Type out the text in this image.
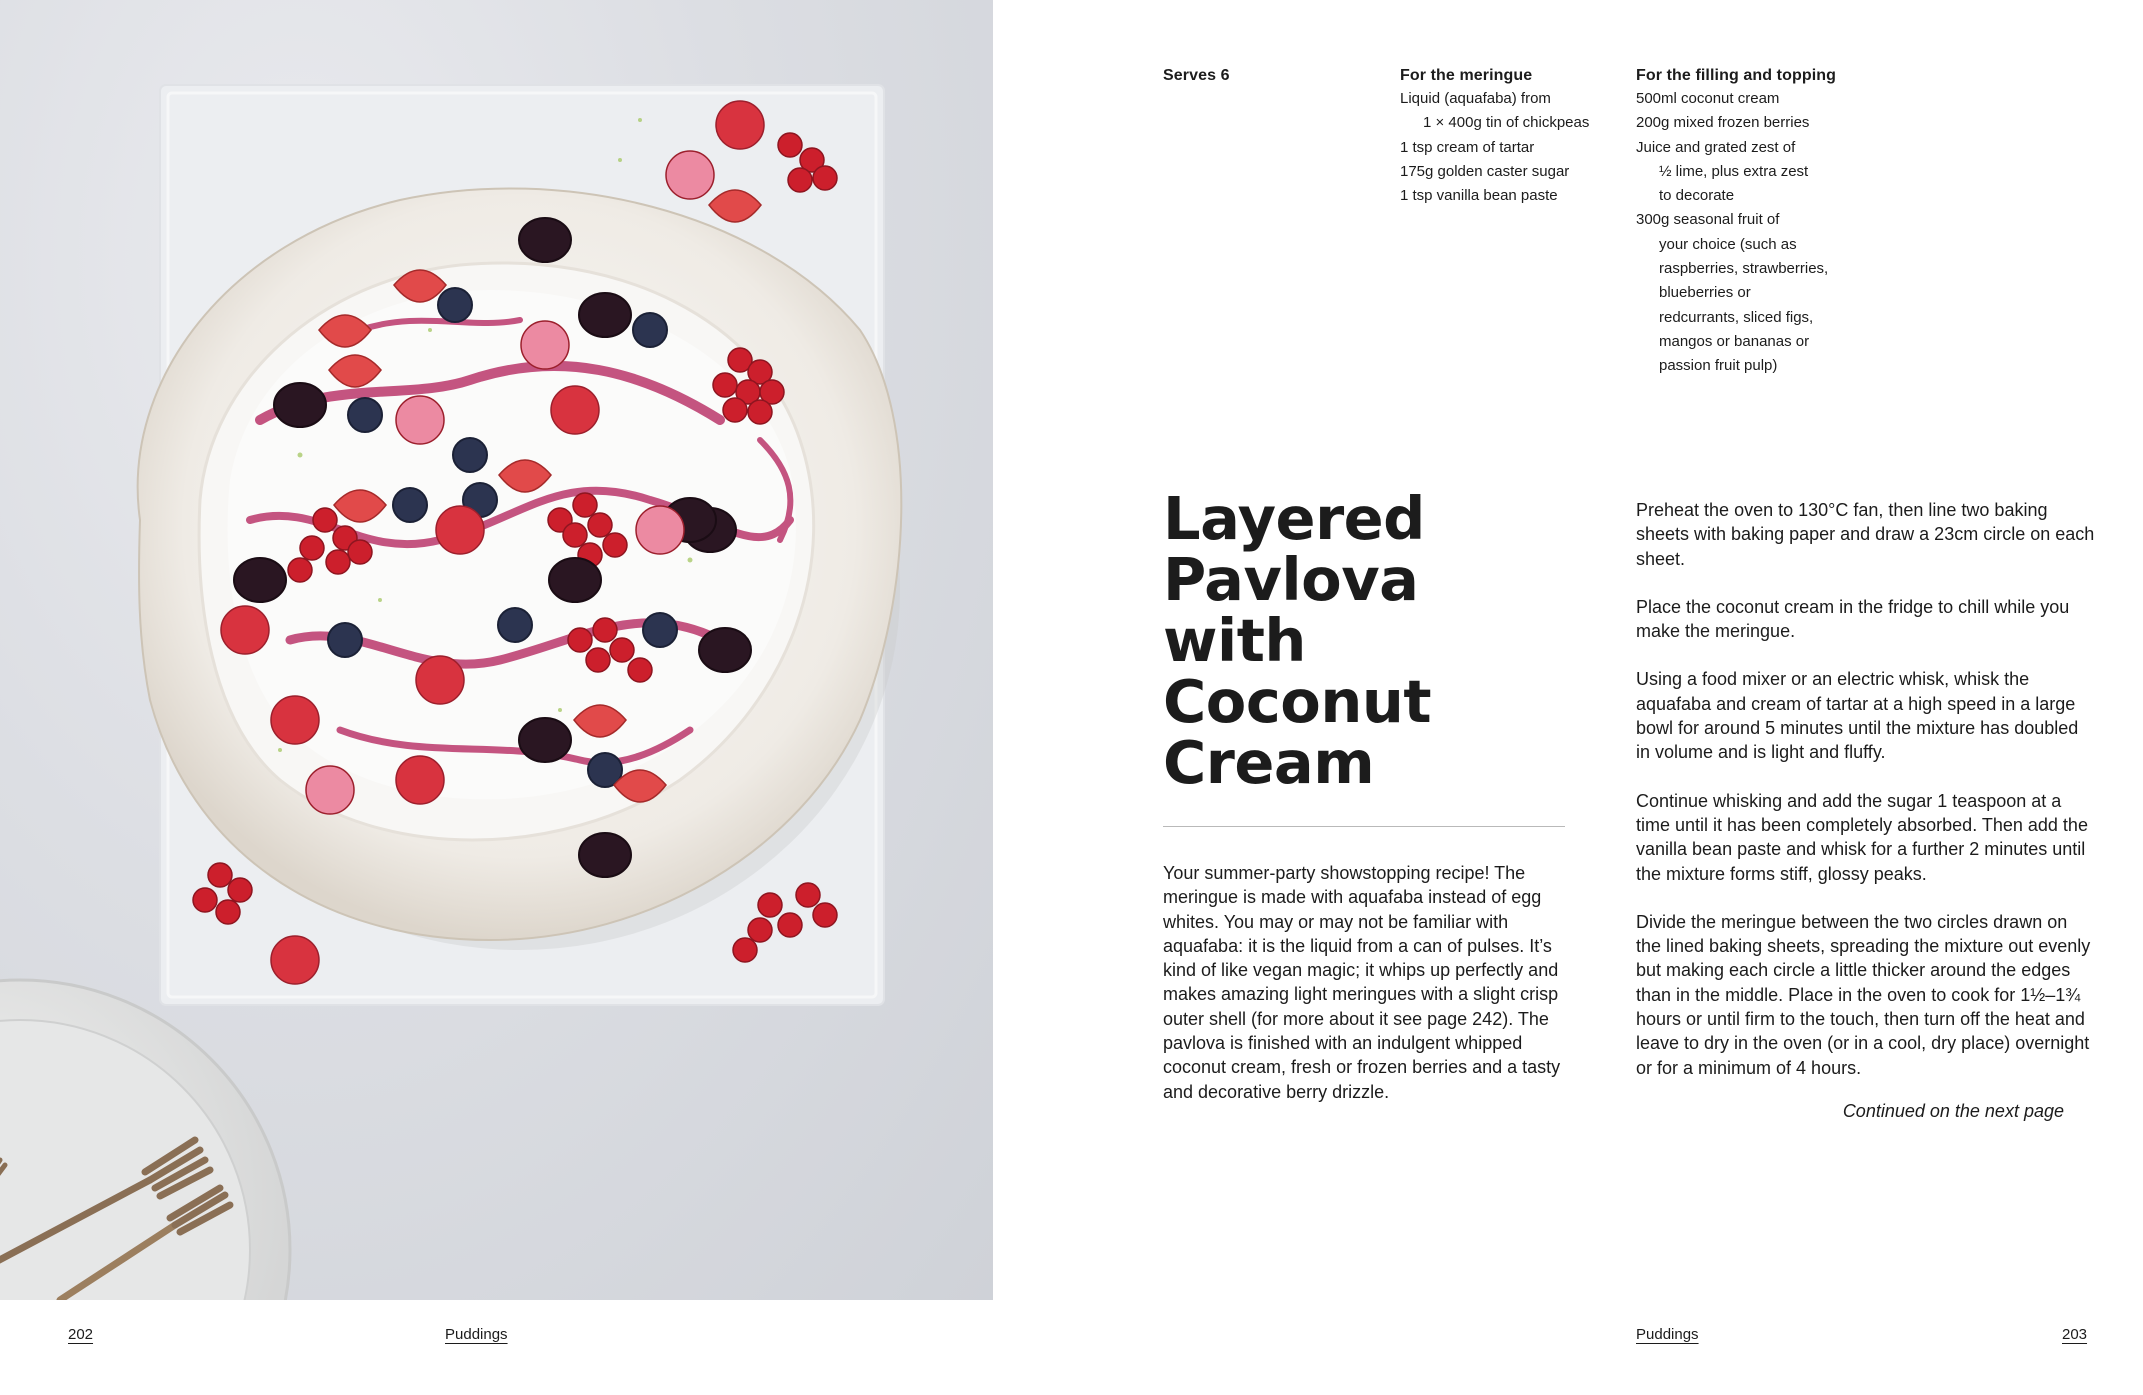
Serves 6	For the meringue
Liquid (aquafaba) from
1 × 400g tin of chickpeas
1 tsp cream of tartar
175g golden caster sugar
1 tsp vanilla bean paste
For the filling and topping
500ml coconut cream
200g mixed frozen berries
Juice and grated zest of
½ lime, plus extra zest
to decorate
300g seasonal fruit of
your choice (such as
raspberries, strawberries,
blueberries or
redcurrants, sliced figs,
mangos or bananas or
passion fruit pulp)
Layered
Pavlova
with
Coconut
Cream

Your summer-party showstopping recipe! The meringue is made with aquafaba instead of egg whites. You may or may not be familiar with aquafaba: it is the liquid from a can of pulses. It’s kind of like vegan magic; it whips up perfectly and makes amazing light meringues with a slight crisp outer shell (for more about it see page 242). The pavlova is finished with an indulgent whipped coconut cream, fresh or frozen berries and a tasty and decorative berry drizzle.

Preheat the oven to 130°C fan, then line two baking sheets with baking paper and draw a 23cm circle on each sheet.

Place the coconut cream in the fridge to chill while you make the meringue.

Using a food mixer or an electric whisk, whisk the aquafaba and cream of tartar at a high speed in a large bowl for around 5 minutes until the mixture has doubled in volume and is light and fluffy.

Continue whisking and add the sugar 1 teaspoon at a time until it has been completely absorbed. Then add the vanilla bean paste and whisk for a further 2 minutes until the mixture forms stiff, glossy peaks.

Divide the meringue between the two circles drawn on the lined baking sheets, spreading the mixture out evenly but making each circle a little thicker around the edges than in the middle. Place in the oven to cook for 1½–1¾ hours or until firm to the touch, then turn off the heat and leave to dry in the oven (or in a cool, dry place) overnight or for a minimum of 4 hours.

Continued on the next page
202	Puddings	Puddings	203
